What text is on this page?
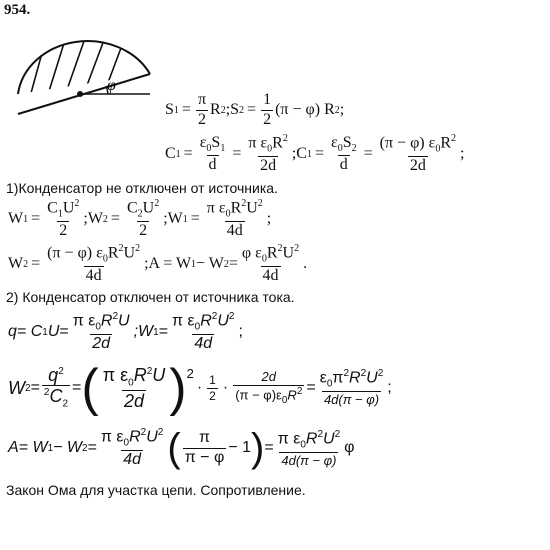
954.
φ
S $1 = \frac{\pi}{2}$ R 2 ;S $2 = \frac{1}{2} (\pi - \varphi)$
R 2 ;
C $1 = \frac{\varepsilon_0S_1}{d} = \frac{\pi \varepsilon_0R^2}{2d}$ ;C $1 = \frac{\varepsilon_0S_2}{d} = \frac{(\pi - \varphi) \varepsilon_0R^2}{2d}$ ;
1)Конденсатор не отключен от источника.
W $1 = \frac{C_1U^2}{2}$ ;W $2 = \frac{C_2U^2}{2}$ ;W $1 = \frac{\pi \varepsilon_0R^2U^2}{4d}$ ;
W $2 = \frac{(\pi - \varphi) \varepsilon_0R^2U^2}{4d}$ ;A = W 1 − W $2 = \frac{\varphi \varepsilon_0R^2U^2}{4d}$ .
2) Конденсатор отключен от источника тока.
q = C 1 $U = \frac{\pi \varepsilon_0R^2U}{2d}$ ;W $1 = \frac{\pi \varepsilon_0R^2U^2}{4d}$ ;
W $2 = \frac{q^2}{^2C_2}$ = ( $\frac{\pi \varepsilon_0R^2U}{2d} )^2$
· $\frac{1}{2} \cdot \frac{2d}{(\pi - \varphi)\varepsilon_0R^2} = \frac{\varepsilon_0\pi^2R^2U^2}{4d(\pi - \varphi)}$ ;
A = W 1 − W $2 = \frac{\pi \varepsilon_0R^2U^2}{4d}$ ( $\frac{\pi}{\pi - \varphi} - 1$ ) = $\frac{\pi \varepsilon_0R^2U^2}{4d(\pi - \varphi)}$ φ
Закон Ома для участка цепи. Сопротивление.
